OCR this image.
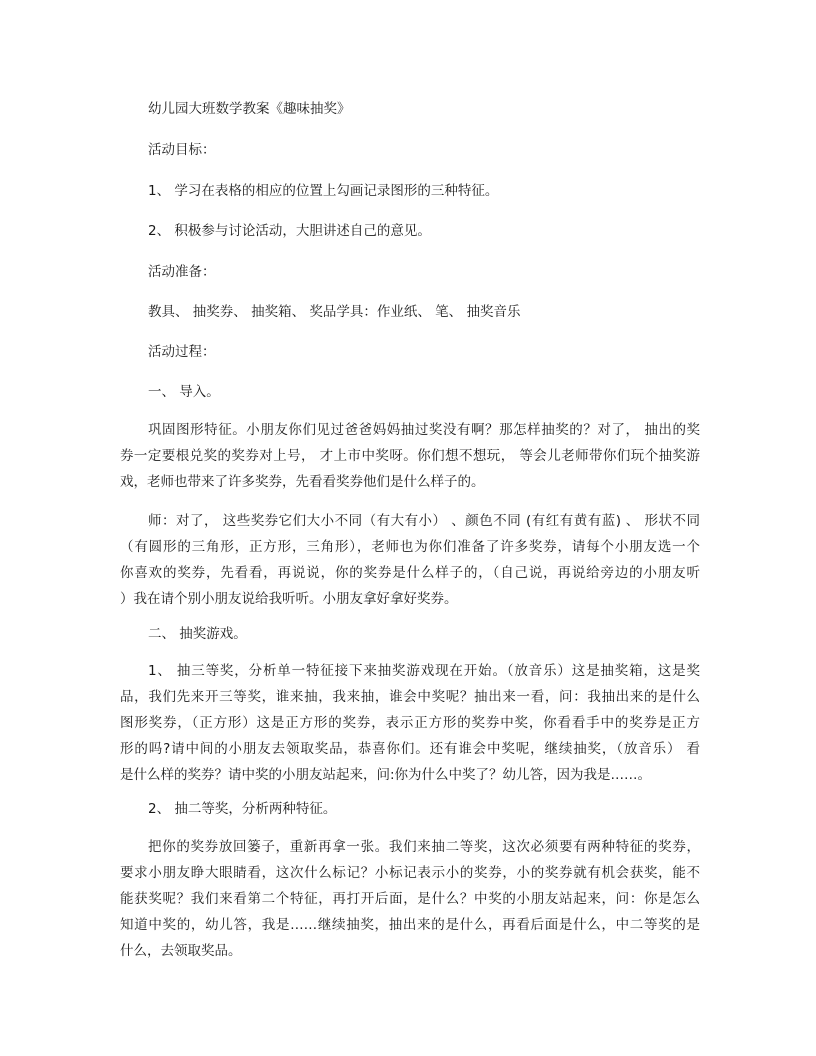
幼儿园大班数学教案《趣味抽奖》
活动目标：
1、 学习在表格的相应的位置上勾画记录图形的三种特征。
2、 积极参与讨论活动，大胆讲述自己的意见。
活动准备：
教具、 抽奖券、 抽奖箱、 奖品学具：作业纸、 笔、 抽奖音乐
活动过程：
一、 导入。
巩固图形特征。小朋友你们见过爸爸妈妈抽过奖没有啊？那怎样抽奖的？对了， 抽出的奖
券一定要根兑奖的奖券对上号， 才上市中奖呀。你们想不想玩， 等会儿老师带你们玩个抽奖游
戏，老师也带来了许多奖券，先看看奖券他们是什么样子的。
师：对了， 这些奖券它们大小不同（有大有小） 、颜色不同 (有红有黄有蓝) 、 形状不同
（有圆形的三角形，正方形，三角形），老师也为你们准备了许多奖券，请每个小朋友选一个
你喜欢的奖券，先看看，再说说，你的奖券是什么样子的，（自己说，再说给旁边的小朋友听
）我在请个别小朋友说给我听听。小朋友拿好拿好奖券。
二、 抽奖游戏。
1、 抽三等奖，分析单一特征接下来抽奖游戏现在开始。（放音乐）这是抽奖箱，这是奖
品，我们先来开三等奖，谁来抽，我来抽，谁会中奖呢？抽出来一看，问：我抽出来的是什么
图形奖券，（正方形）这是正方形的奖券，表示正方形的奖券中奖，你看看手中的奖券是正方
形的吗?请中间的小朋友去领取奖品，恭喜你们。还有谁会中奖呢，继续抽奖，（放音乐） 看
是什么样的奖券？请中奖的小朋友站起来，问:你为什么中奖了？幼儿答，因为我是……。
2、 抽二等奖，分析两种特征。
把你的奖券放回篓子，重新再拿一张。我们来抽二等奖，这次必须要有两种特征的奖券，
要求小朋友睁大眼睛看，这次什么标记？小标记表示小的奖券，小的奖券就有机会获奖，能不
能获奖呢？我们来看第二个特征，再打开后面，是什么？中奖的小朋友站起来，问：你是怎么
知道中奖的，幼儿答，我是……继续抽奖，抽出来的是什么，再看后面是什么，中二等奖的是
什么，去领取奖品。
